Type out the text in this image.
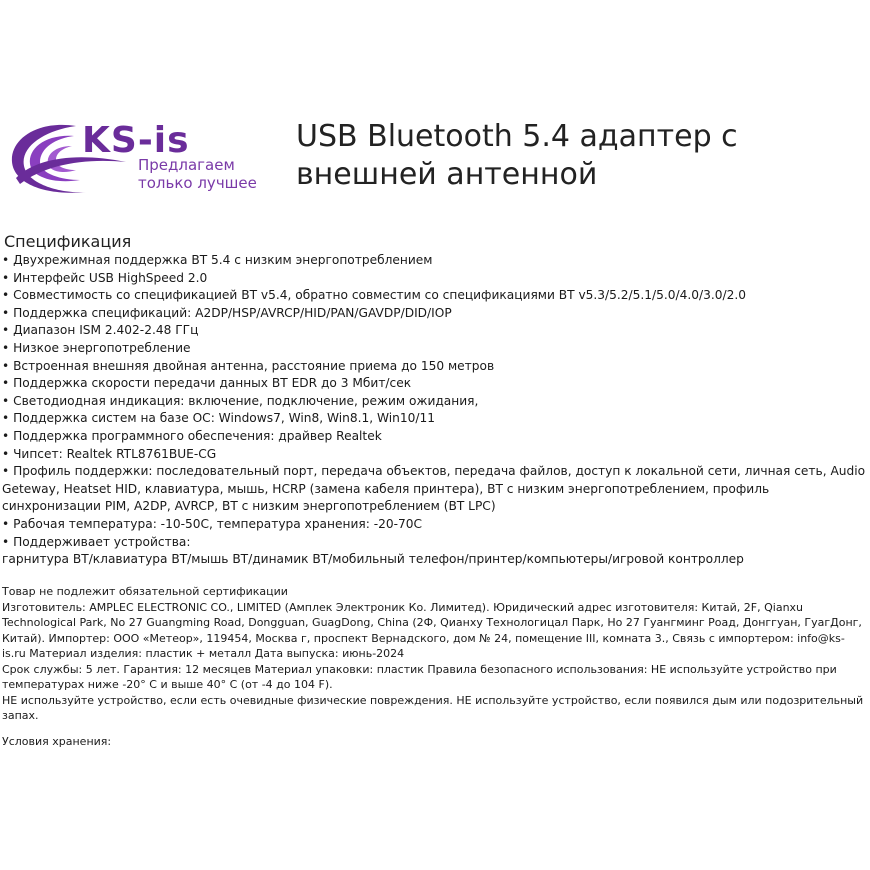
KS-is
Предлагаем только лучшее
USB Bluetooth 5.4 адаптер с внешней антенной
Спецификация
• Двухрежимная поддержка BT 5.4 с низким энергопотреблением
• Интерфейс USB HighSpeed 2.0
• Совместимость со спецификацией BT v5.4, обратно совместим со спецификациями BT v5.3/5.2/5.1/5.0/4.0/3.0/2.0
• Поддержка спецификаций: A2DP/HSP/AVRCP/HID/PAN/GAVDP/DID/IOP
• Диапазон ISM 2.402-2.48 ГГц
• Низкое энергопотребление
• Встроенная внешняя двойная антенна, расстояние приема до 150 метров
• Поддержка скорости передачи данных BT EDR до 3 Мбит/сек
• Светодиодная индикация: включение, подключение, режим ожидания,
• Поддержка систем на базе ОС: Windows7, Win8, Win8.1, Win10/11
• Поддержка программного обеспечения: драйвер Realtek
• Чипсет: Realtek RTL8761BUE-CG
• Профиль поддержки: последовательный порт, передача объектов, передача файлов, доступ к локальной сети, личная сеть, Audio Geteway, Heatset HID, клавиатура, мышь, HCRP (замена кабеля принтера), BT с низким энергопотреблением, профиль синхронизации PIM, A2DP, AVRCP, BT с низким энергопотреблением (BT LPC)
• Рабочая температура: -10-50С, температура хранения: -20-70С
• Поддерживает устройства:
гарнитура BT/клавиатура BT/мышь BT/динамик BT/мобильный телефон/принтер/компьютеры/игровой контроллер

Товар не подлежит обязательной сертификации

Изготовитель: AMPLEC ELECTRONIC CO., LIMITED (Амплек Электроник Ко. Лимитед). Юридический адрес изготовителя: Китай, 2F, Qianxu Technological Park, No 27 Guangming Road, Dongguan, GuagDong, China (2Ф, Qианху Технологицал Парк, Но 27 Гуангминг Роад, Донггуан, ГуагДонг, Китай). Импортер: ООО «Метеор», 119454, Москва г, проспект Вернадского, дом № 24, помещение III, комната 3., Связь с импортером: info@ks-is.ru Материал изделия: пластик + металл Дата выпуска: июнь-2024

Срок службы: 5 лет. Гарантия: 12 месяцев Материал упаковки: пластик Правила безопасного использования: НЕ используйте устройство при температурах ниже -20° С и выше 40° С (от -4 до 104 F).

НЕ используйте устройство, если есть очевидные физические повреждения. НЕ используйте устройство, если появился дым или подозрительный запах.

Условия хранения:
